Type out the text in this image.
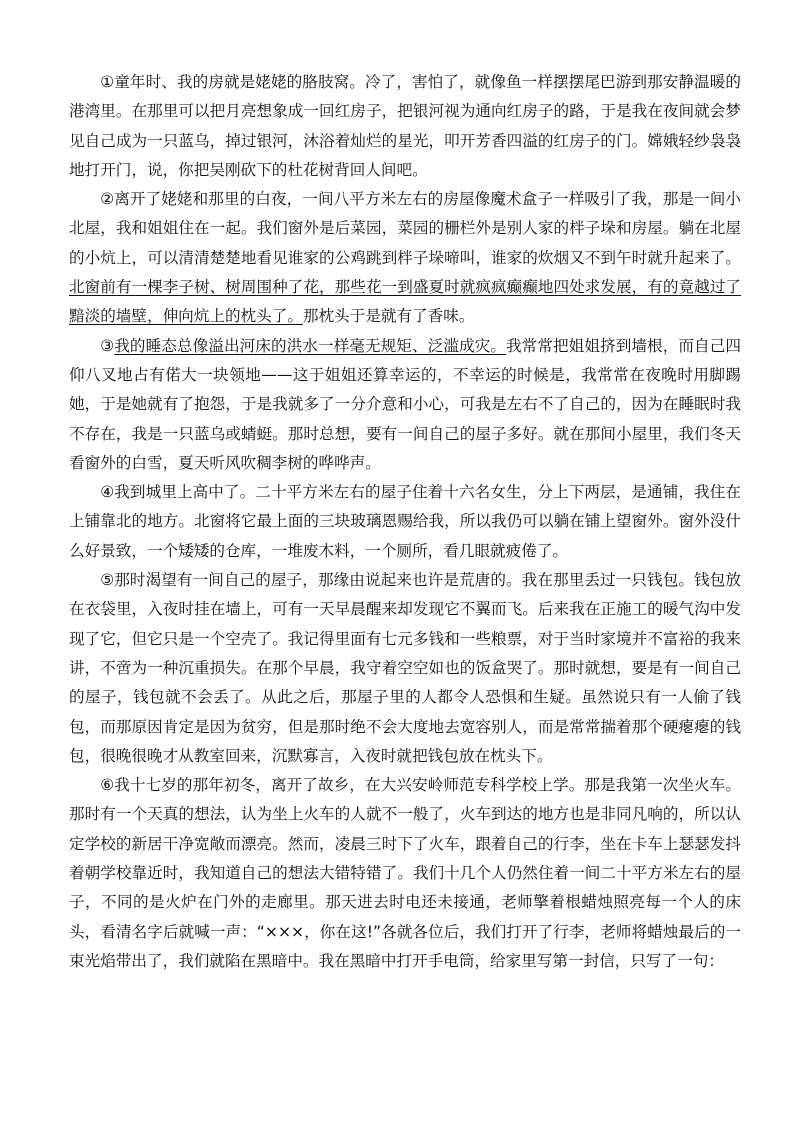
①童年时、我的房就是姥姥的胳肢窝。冷了，害怕了，就像鱼一样摆摆尾巴游到那安静温暖的港湾里。在那里可以把月亮想象成一回红房子，把银河视为通向红房子的路，于是我在夜间就会梦见自己成为一只蓝乌，掉过银河，沐浴着灿烂的星光，叩开芳香四溢的红房子的门。嫦娥轻纱袅袅地打开门，说，你把吴刚砍下的杜花树背回人间吧。

②离开了姥姥和那里的白夜，一间八平方米左右的房屋像魔术盒子一样吸引了我，那是一间小北屋，我和姐姐住在一起。我们窗外是后菜园，菜园的栅栏外是别人家的柈子垛和房屋。躺在北屋的小炕上，可以清清楚楚地看见谁家的公鸡跳到柈子垛啼叫，谁家的炊烟又不到午时就升起来了。北窗前有一棵李子树、树周围种了花，那些花一到盛夏时就疯疯癫癫地四处求发展，有的竟越过了黯淡的墙壁，伸向炕上的枕头了。那枕头于是就有了香味。

③我的睡态总像溢出河床的洪水一样毫无规矩、泛滥成灾。我常常把姐姐挤到墙根，而自己四仰八叉地占有偌大一块领地——这于姐姐还算幸运的，不幸运的时候是，我常常在夜晚时用脚踢她，于是她就有了抱怨，于是我就多了一分介意和小心，可我是左右不了自己的，因为在睡眠时我不存在，我是一只蓝乌或蜻蜓。那时总想，要有一间自己的屋子多好。就在那间小屋里，我们冬天看窗外的白雪，夏天听风吹稠李树的哗哗声。

④我到城里上高中了。二十平方米左右的屋子住着十六名女生，分上下两层，是通铺，我住在上铺靠北的地方。北窗将它最上面的三块玻璃恩赐给我，所以我仍可以躺在铺上望窗外。窗外没什么好景致，一个矮矮的仓库，一堆废木料，一个厕所，看几眼就疲倦了。

⑤那时渴望有一间自己的屋子，那缘由说起来也许是荒唐的。我在那里丢过一只钱包。钱包放在衣袋里，入夜时挂在墙上，可有一天早晨醒来却发现它不翼而飞。后来我在正施工的暖气沟中发现了它，但它只是一个空壳了。我记得里面有七元多钱和一些粮票，对于当时家境并不富裕的我来讲，不啻为一种沉重损失。在那个早晨，我守着空空如也的饭盒哭了。那时就想，要是有一间自己的屋子，钱包就不会丢了。从此之后，那屋子里的人都令人恐惧和生疑。虽然说只有一人偷了钱包，而那原因肯定是因为贫穷，但是那时绝不会大度地去宽容别人，而是常常揣着那个硬瘪瘪的钱包，很晚很晚才从教室回来，沉默寡言，入夜时就把钱包放在枕头下。

⑥我十七岁的那年初冬，离开了故乡，在大兴安岭师范专科学校上学。那是我第一次坐火车。那时有一个天真的想法，认为坐上火车的人就不一般了，火车到达的地方也是非同凡响的，所以认定学校的新居干净宽敞而漂亮。然而，凌晨三时下了火车，跟着自己的行李，坐在卡车上瑟瑟发抖着朝学校靠近时，我知道自己的想法大错特错了。我们十几个人仍然住着一间二十平方米左右的屋子，不同的是火炉在门外的走廊里。那天进去时电还未接通，老师擎着根蜡烛照亮每一个人的床头，看清名字后就喊一声：“×××，你在这!”各就各位后，我们打开了行李，老师将蜡烛最后的一束光焰带出了，我们就陷在黑暗中。我在黑暗中打开手电筒，给家里写第一封信，只写了一句：
